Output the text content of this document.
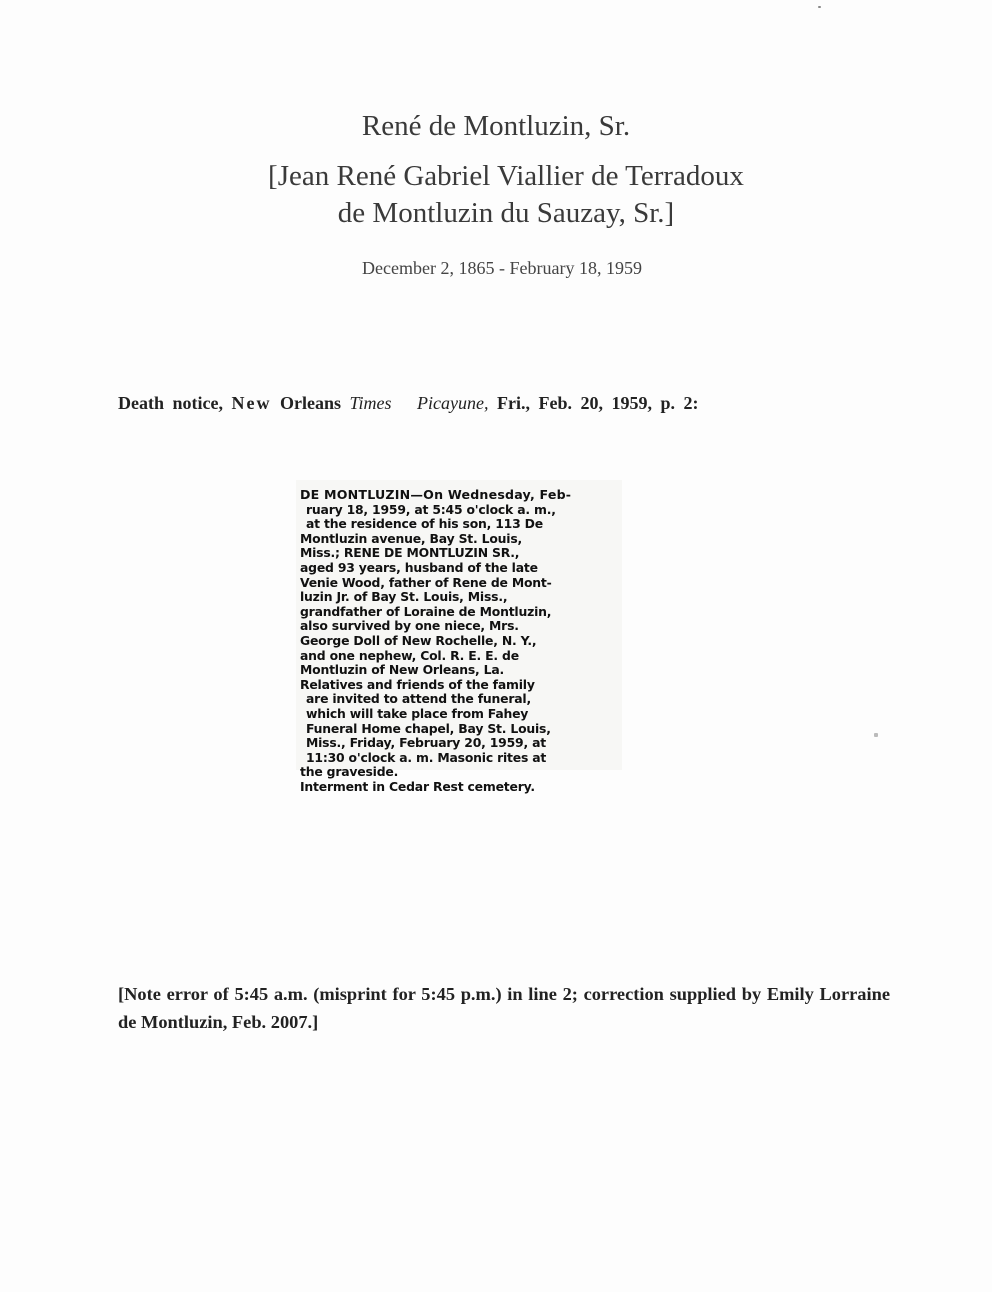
René de Montluzin, Sr.
[Jean René Gabriel Viallier de Terradoux
de Montluzin du Sauzay, Sr.]
December 2, 1865 - February 18, 1959
Death notice, New Orleans Times Picayune, Fri., Feb. 20, 1959, p. 2:
DE MONTLUZIN—On Wednesday, Feb-
ruary 18, 1959, at 5:45 o'clock a. m.,
at the residence of his son, 113 De
Montluzin avenue, Bay St. Louis,
Miss.; RENE DE MONTLUZIN SR.,
aged 93 years, husband of the late
Venie Wood, father of Rene de Mont-
luzin Jr. of Bay St. Louis, Miss.,
grandfather of Loraine de Montluzin,
also survived by one niece, Mrs.
George Doll of New Rochelle, N. Y.,
and one nephew, Col. R. E. E. de
Montluzin of New Orleans, La.
Relatives and friends of the family
are invited to attend the funeral,
which will take place from Fahey
Funeral Home chapel, Bay St. Louis,
Miss., Friday, February 20, 1959, at
11:30 o'clock a. m. Masonic rites at
the graveside.
Interment in Cedar Rest cemetery.
[Note error of 5:45 a.m. (misprint for 5:45 p.m.) in line 2; correction supplied by Emily Lorraine de Montluzin, Feb. 2007.]
